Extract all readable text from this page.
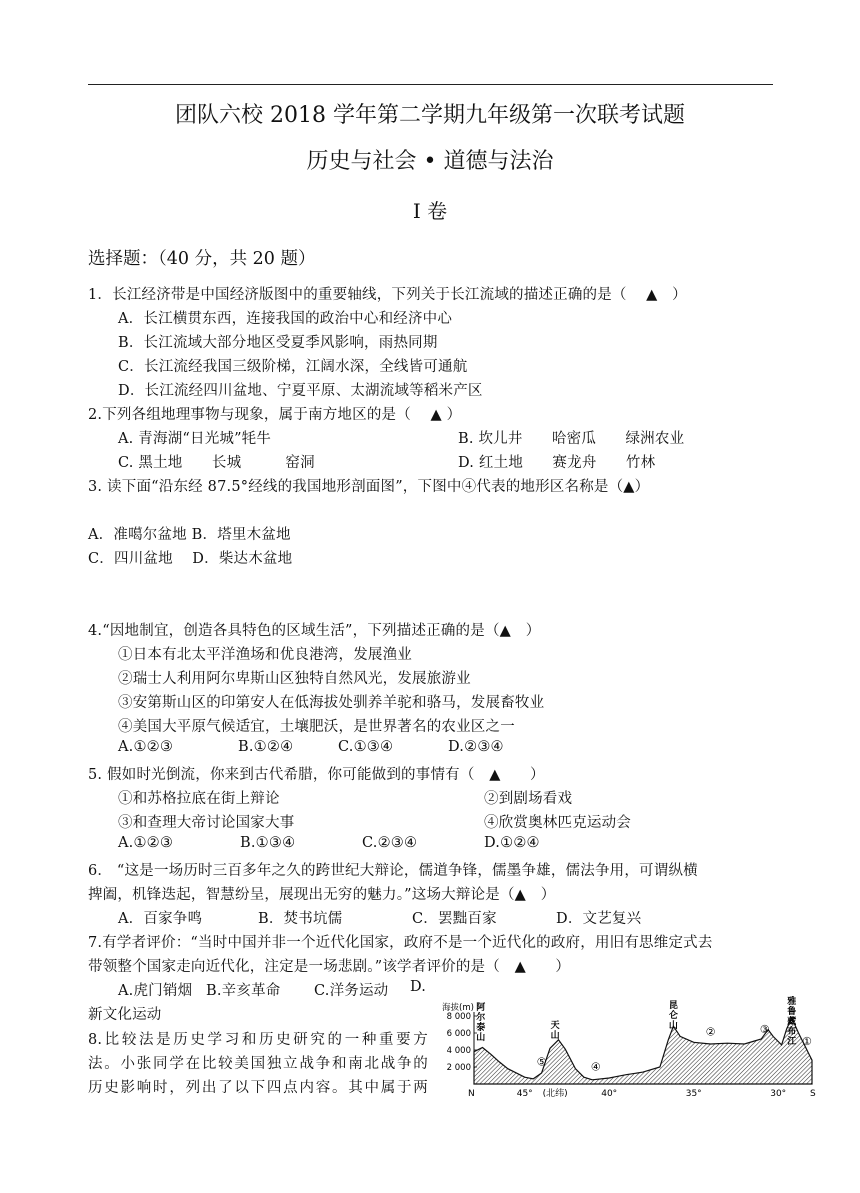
团队六校 2018 学年第二学期九年级第一次联考试题
历史与社会 • 道德与法治
I 卷
选择题：（40 分，共 20 题）
1．长江经济带是中国经济版图中的重要轴线，下列关于长江流域的描述正确的是（　 ▲　）
A．长江横贯东西，连接我国的政治中心和经济中心
B．长江流域大部分地区受夏季风影响，雨热同期
C．长江流经我国三级阶梯，江阔水深，全线皆可通航
D．长江流经四川盆地、宁夏平原、太湖流域等稻米产区
2.下列各组地理事物与现象，属于南方地区的是（　 ▲ ）
A. 青海湖“日光城”牦牛	B. 坎儿井　　哈密瓜　　绿洲农业
C. 黑土地　　长城　　　窑洞	D. 红土地　　赛龙舟　　竹林
3. 读下面“沿东经 87.5°经线的我国地形剖面图”，下图中④代表的地形区名称是（▲）
A．准噶尔盆地 B．塔里木盆地
C．四川盆地　 D．柴达木盆地
4.“因地制宜，创造各具特色的区域生活”，下列描述正确的是（▲　）
①日本有北太平洋渔场和优良港湾，发展渔业
②瑞士人利用阿尔卑斯山区独特自然风光，发展旅游业
③安第斯山区的印第安人在低海拔处驯养羊驼和骆马，发展畜牧业
④美国大平原气候适宜，土壤肥沃，是世界著名的农业区之一
A.①②③	B.①②④	C.①③④	D.②③④
5. 假如时光倒流，你来到古代希腊，你可能做到的事情有（　▲　　）
①和苏格拉底在街上辩论	②到剧场看戏
③和查理大帝讨论国家大事	④欣赏奥林匹克运动会
A.①②③	B.①③④	C.②③④	D.①②④
6． “这是一场历时三百多年之久的跨世纪大辩论，儒道争锋，儒墨争雄，儒法争用，可谓纵横
捭阖，机锋迭起，智慧纷呈，展现出无穷的魅力。”这场大辩论是（▲　）
A．百家争鸣	B．焚书坑儒	C．罢黜百家	D．文艺复兴
7.有学者评价：“当时中国并非一个近代化国家，政府不是一个近代化的政府，用旧有思维定式去
带领整个国家走向近代化，注定是一场悲剧。”该学者评价的是（　▲　　）
A.虎门销烟 B.辛亥革命 C.洋务运动 D.
新文化运动
8.比较法是历史学习和历史研究的一种重要方
法。小张同学在比较美国独立战争和南北战争的
历史影响时，列出了以下四点内容。其中属于两
海拔(m)
8 000
6 000
4 000
2 000
45° (北纬)	40°	35°	30°
N	S
阿
尔
泰
山
天
山
昆
仑
山
雅
鲁
藏
布
江 ①
②	③
④
⑤
